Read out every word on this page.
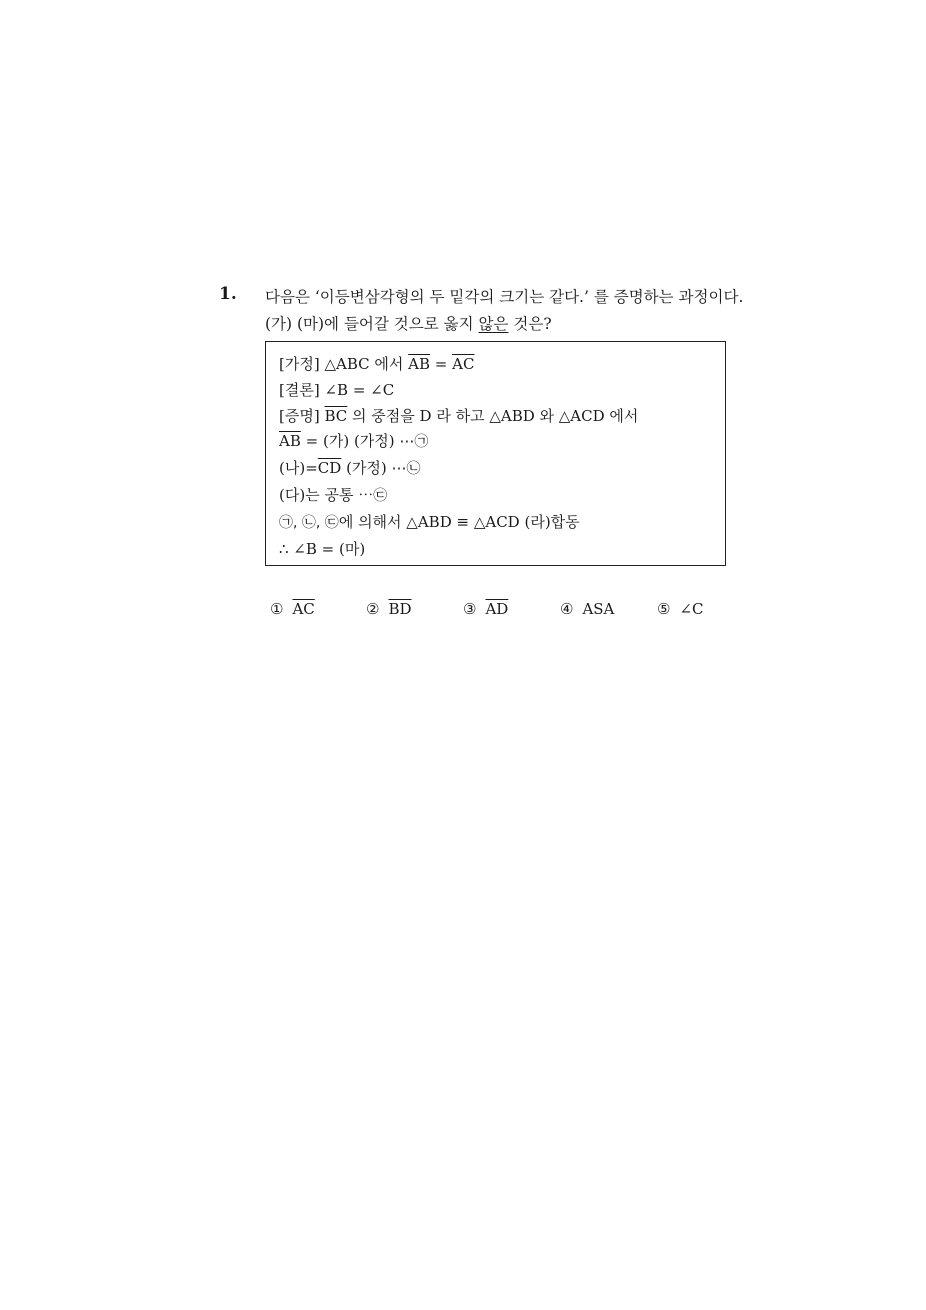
1. 다음은 ‘이등변삼각형의 두 밑각의 크기는 같다.’ 를 증명하는 과정이다.
(가) (마)에 들어갈 것으로 옳지 않은 것은?
[가정] △ABC 에서 $\overline{AB} = \overline{AC}$
[결론] ∠B = ∠C
[증명] $\overline{BC}$ 의 중점을 D 라 하고 △ABD 와 △ACD 에서
$\overline{AB}$ = (가) (가정) ⋯㉠
(나)$=\overline{CD}$ (가정) ⋯㉡
(다)는 공통 ⋯㉢
㉠, ㉡, ㉢에 의해서 △ABD ≡ △ACD (라)합동
∴ ∠B = (마)
① $\overline{AC}$	② $\overline{BD}$	③ $\overline{AD}$	④ ASA	⑤ ∠C
